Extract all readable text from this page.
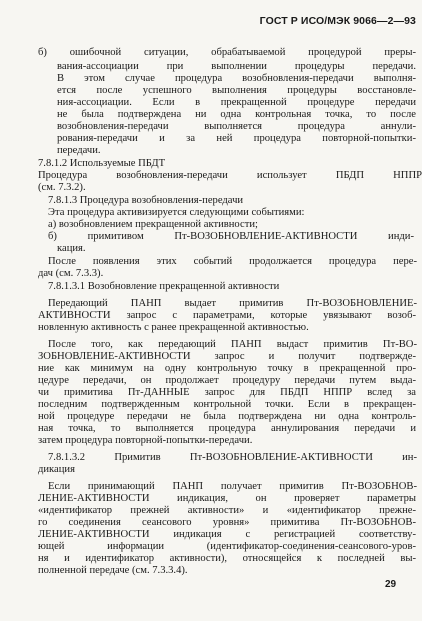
ГОСТ Р ИСО/МЭК 9066—2—93
б) ошибочной ситуации, обрабатываемой процедурой преры-
вания-ассоциации при выполнении процедуры передачи.
В этом случае процедура возобновления-передачи выполня-
ется после успешного выполнения процедуры восстановле-
ния-ассоциации. Если в прекращенной процедуре передачи
не была подтверждена ни одна контрольная точка, то после
возобновления-передачи выполняется процедура аннули-
рования-передачи и за ней процедура повторной-попытки-
передачи.
7.8.1.2 Используемые ПБДТ
Процедура возобновления-передачи использует ПБДП НППР
(см. 7.3.2).
7.8.1.3 Процедура возобновления-передачи
Эта процедура активизируется следующими событиями:
а) возобновлением прекращенной активности;
б) примитивом Пт-ВОЗОБНОВЛЕНИЕ-АКТИВНОСТИ инди-
кация.
После появления этих событий продолжается процедура пере-
дач (см. 7.3.3).
7.8.1.3.1 Возобновление прекращенной активности
Передающий ПАНП выдает примитив Пт-ВОЗОБНОВЛЕНИЕ-
АКТИВНОСТИ запрос с параметрами, которые увязывают возоб-
новленную активность с ранее прекращенной активностью.
После того, как передающий ПАНП выдаст примитив Пт-ВО-
ЗОБНОВЛЕНИЕ-АКТИВНОСТИ запрос и получит подтвержде-
ние как минимум на одну контрольную точку в прекращенной про-
цедуре передачи, он продолжает процедуру передачи путем выда-
чи примитива Пт-ДАННЫЕ запрос для ПБДП НППР вслед за
последним подтвержденным контрольной точки. Если в прекращен-
ной процедуре передачи не была подтверждена ни одна контроль-
ная точка, то выполняется процедура аннулирования передачи и
затем процедура повторной-попытки-передачи.
7.8.1.3.2 Примитив Пт-ВОЗОБНОВЛЕНИЕ-АКТИВНОСТИ ин-
дикация
Если принимающий ПАНП получает примитив Пт-ВОЗОБНОВ-
ЛЕНИЕ-АКТИВНОСТИ индикация, он проверяет параметры
«идентификатор прежней активности» и «идентификатор прежне-
го соединения сеансового уровня» примитива Пт-ВОЗОБНОВ-
ЛЕНИЕ-АКТИВНОСТИ индикация с регистрацией соответству-
ющей информации (идентификатор-соединения-сеансового-уров-
ня и идентификатор активности), относящейся к последней вы-
полненной передаче (см. 7.3.3.4).
29
